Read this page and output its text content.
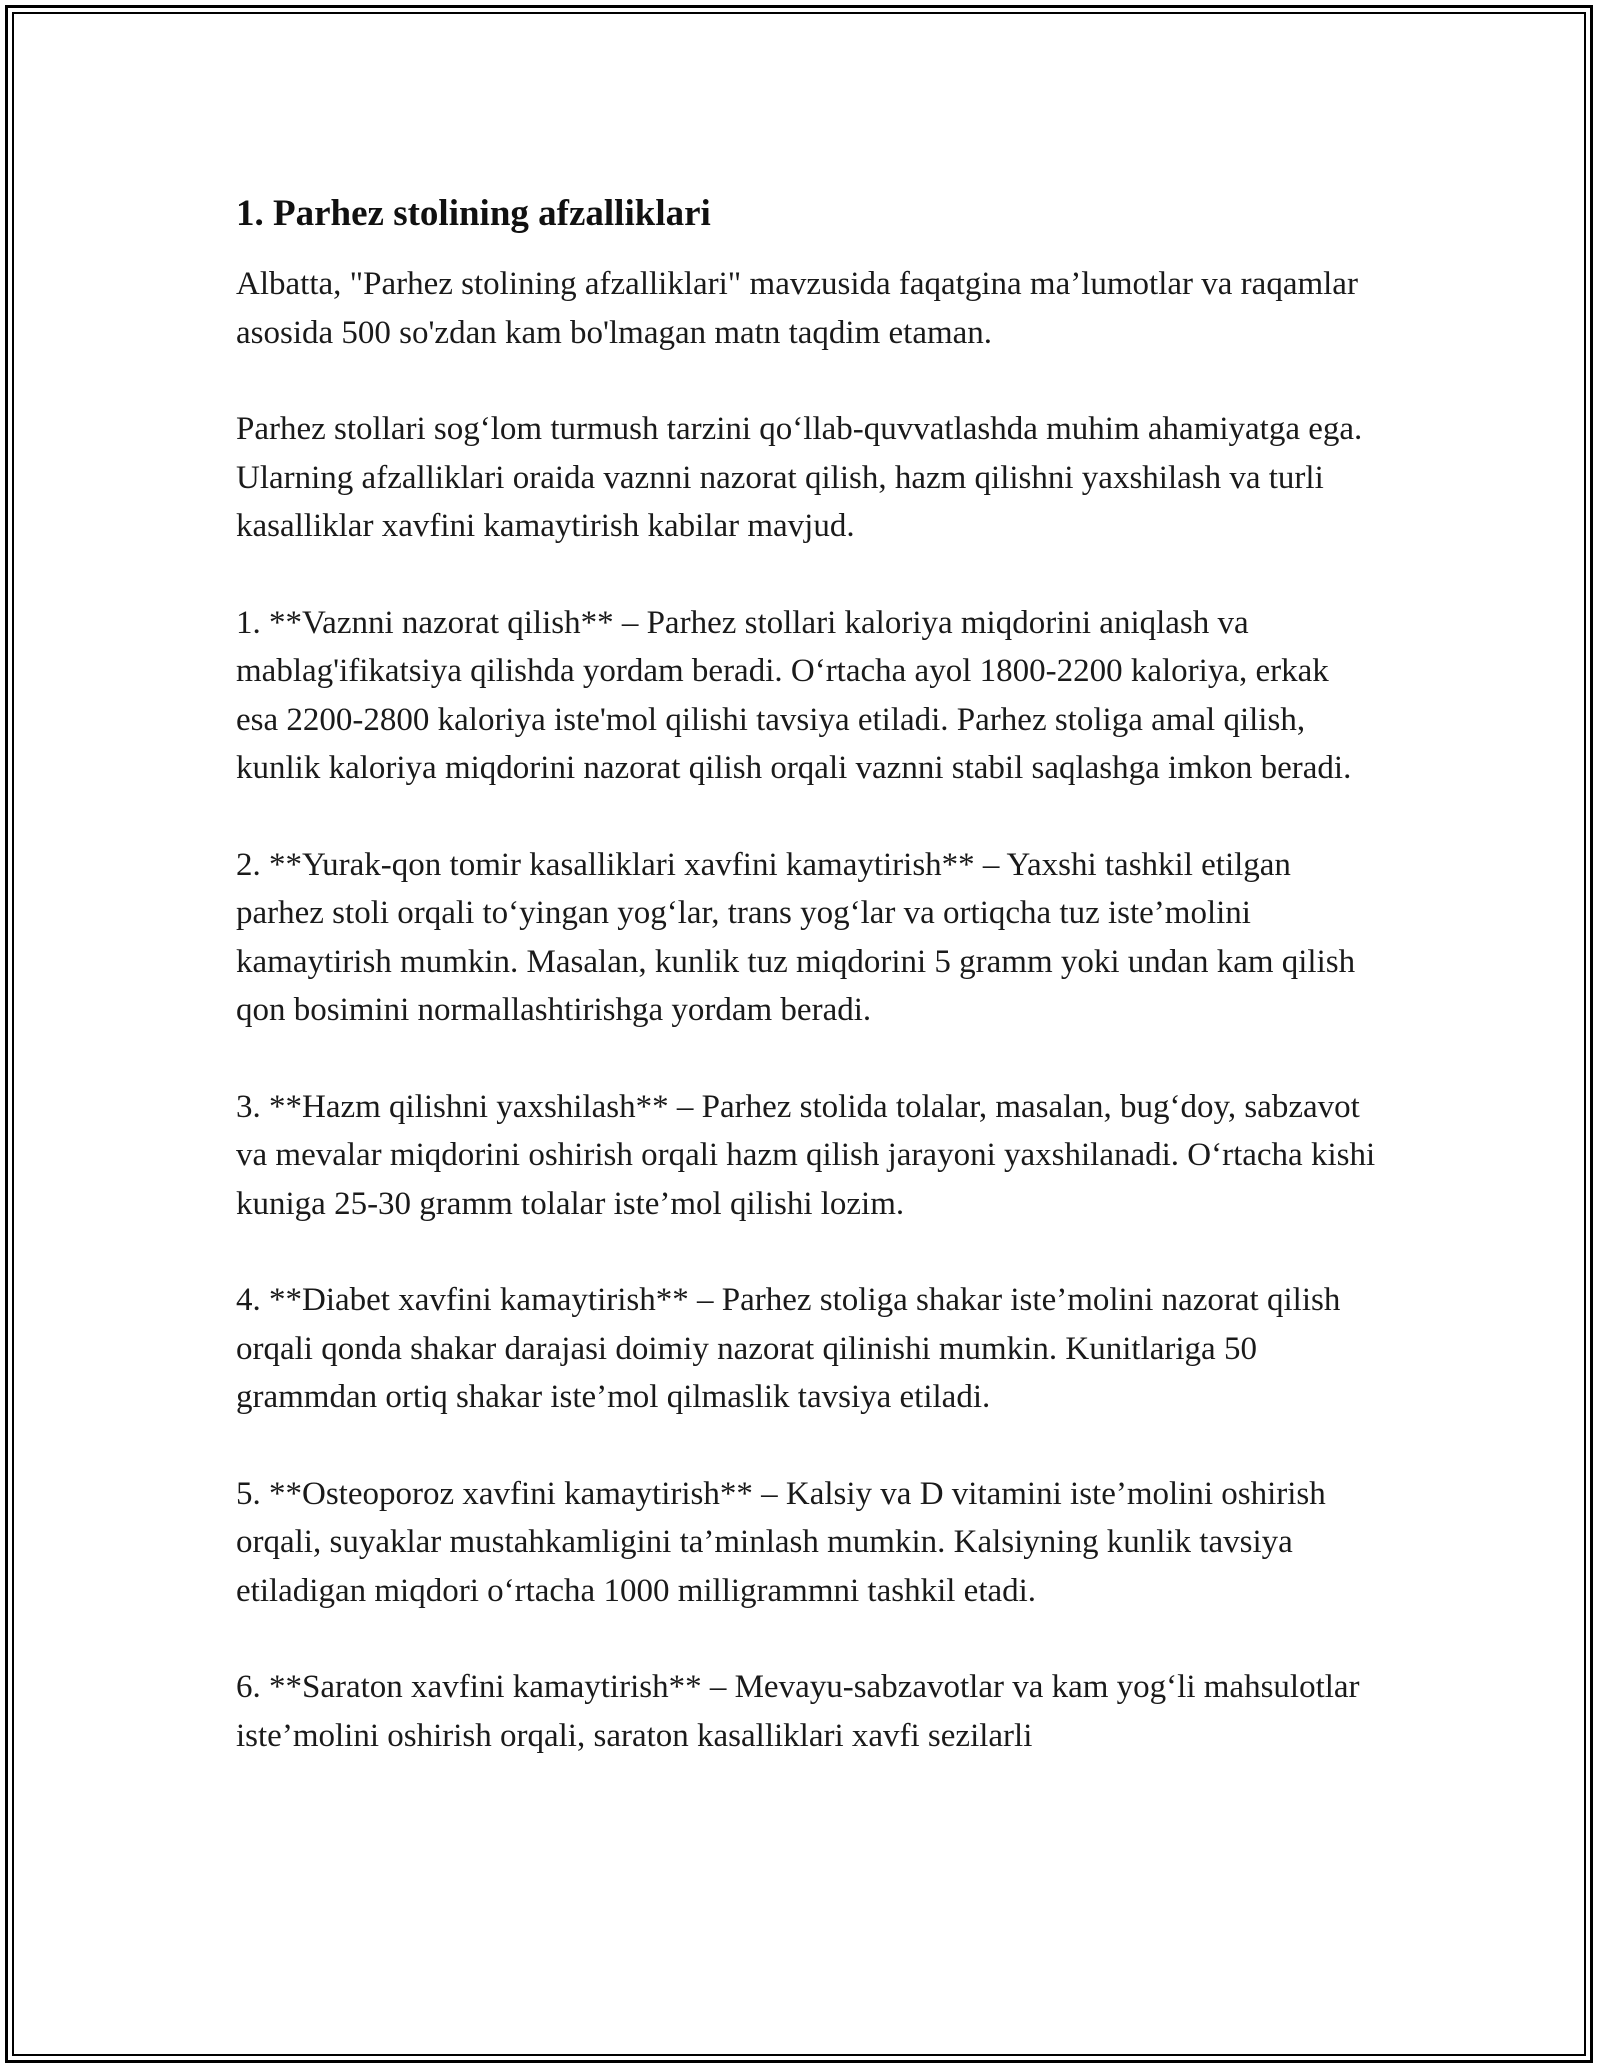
1. Parhez stolining afzalliklari

Albatta, "Parhez stolining afzalliklari" mavzusida faqatgina ma’lumotlar va raqamlar asosida 500 so'zdan kam bo'lmagan matn taqdim etaman.

Parhez stollari sog‘lom turmush tarzini qo‘llab-quvvatlashda muhim ahamiyatga ega. Ularning afzalliklari oraida vaznni nazorat qilish, hazm qilishni yaxshilash va turli kasalliklar xavfini kamaytirish kabilar mavjud.

1. **Vaznni nazorat qilish** – Parhez stollari kaloriya miqdorini aniqlash va mablag'ifikatsiya qilishda yordam beradi. O‘rtacha ayol 1800-2200 kaloriya, erkak esa 2200-2800 kaloriya iste'mol qilishi tavsiya etiladi. Parhez stoliga amal qilish, kunlik kaloriya miqdorini nazorat qilish orqali vaznni stabil saqlashga imkon beradi.

2. **Yurak-qon tomir kasalliklari xavfini kamaytirish** – Yaxshi tashkil etilgan parhez stoli orqali to‘yingan yog‘lar, trans yog‘lar va ortiqcha tuz iste’molini kamaytirish mumkin. Masalan, kunlik tuz miqdorini 5 gramm yoki undan kam qilish qon bosimini normallashtirishga yordam beradi.

3. **Hazm qilishni yaxshilash** – Parhez stolida tolalar, masalan, bug‘doy, sabzavot va mevalar miqdorini oshirish orqali hazm qilish jarayoni yaxshilanadi. O‘rtacha kishi kuniga 25-30 gramm tolalar iste’mol qilishi lozim.

4. **Diabet xavfini kamaytirish** – Parhez stoliga shakar iste’molini nazorat qilish orqali qonda shakar darajasi doimiy nazorat qilinishi mumkin. Kunitlariga 50 grammdan ortiq shakar iste’mol qilmaslik tavsiya etiladi.

5. **Osteoporoz xavfini kamaytirish** – Kalsiy va D vitamini iste’molini oshirish orqali, suyaklar mustahkamligini ta’minlash mumkin. Kalsiyning kunlik tavsiya etiladigan miqdori o‘rtacha 1000 milligrammni tashkil etadi.

6. **Saraton xavfini kamaytirish** – Mevayu-sabzavotlar va kam yog‘li mahsulotlar iste’molini oshirish orqali, saraton kasalliklari xavfi sezilarli
